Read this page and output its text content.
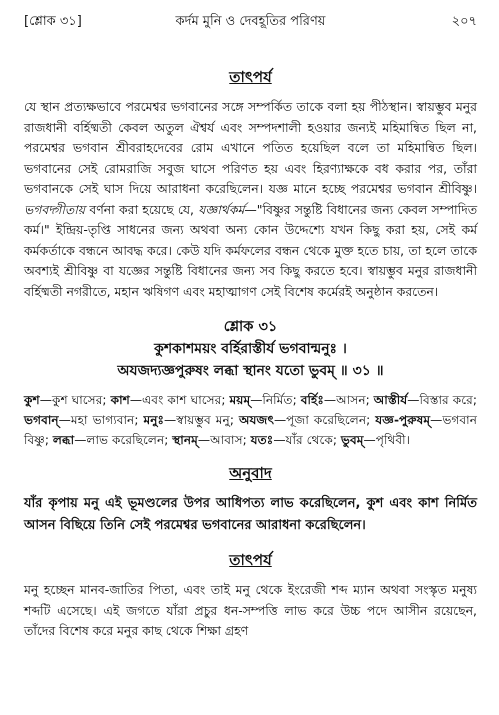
[শ্লোক ৩১]	কর্দম মুনি ও দেবহূতির পরিণয়	২০৭

তাৎপর্য

যে স্থান প্রত্যক্ষভাবে পরমেশ্বর ভগবানের সঙ্গে সম্পর্কিত তাকে বলা হয় পীঠস্থান। স্বায়ম্ভুব মনুর রাজধানী বর্হিষ্মতী কেবল অতুল ঐশ্বর্য এবং সম্পদশালী হওয়ার জন্যই মহিমান্বিত ছিল না, পরমেশ্বর ভগবান শ্রীবরাহদেবের রোম এখানে পতিত হয়েছিল বলে তা মহিমান্বিত ছিল। ভগবানের সেই রোমরাজি সবুজ ঘাসে পরিণত হয় এবং হিরণ্যাক্ষকে বধ করার পর, তাঁরা ভগবানকে সেই ঘাস দিয়ে আরাধনা করেছিলেন। যজ্ঞ মানে হচ্ছে পরমেশ্বর ভগবান শ্রীবিষ্ণু। ভগবদ্গীতায় বর্ণনা করা হয়েছে যে, যজ্ঞার্থকর্ম—"বিষ্ণুর সন্তুষ্টি বিধানের জন্য কেবল সম্পাদিত কর্ম।" ইন্দ্রিয়-তৃপ্তি সাধনের জন্য অথবা অন্য কোন উদ্দেশ্যে যখন কিছু করা হয়, সেই কর্ম কর্মকর্তাকে বন্ধনে আবদ্ধ করে। কেউ যদি কর্মফলের বন্ধন থেকে মুক্ত হতে চায়, তা হলে তাকে অবশ্যই শ্রীবিষ্ণু বা যজ্ঞের সন্তুষ্টি বিধানের জন্য সব কিছু করতে হবে। স্বায়ম্ভুব মনুর রাজধানী বর্হিষ্মতী নগরীতে, মহান ঋষিগণ এবং মহাত্মাগণ সেই বিশেষ কর্মেরই অনুষ্ঠান করতেন।

শ্লোক ৩১

কুশকাশময়ং বর্হিরাস্তীর্য ভগবান্মনুঃ ।

অযজদ্যজ্ঞপুরুষং লব্ধা স্থানং যতো ভুবম্ ॥ ৩১ ॥

কুশ—কুশ ঘাসের; কাশ—এবং কাশ ঘাসের; ময়ম্—নির্মিত; বর্হিঃ—আসন; আস্তীর্য—বিস্তার করে; ভগবান্—মহা ভাগ্যবান; মনুঃ—স্বায়ম্ভুব মনু; অযজৎ—পূজা করেছিলেন; যজ্ঞ-পুরুষম্—ভগবান বিষ্ণু; লব্ধা—লাভ করেছিলেন; স্থানম্—আবাস; যতঃ—যাঁর থেকে; ভুবম্—পৃথিবী।

অনুবাদ

যাঁর কৃপায় মনু এই ভূমণ্ডলের উপর আধিপত্য লাভ করেছিলেন, কুশ এবং কাশ নির্মিত আসন বিছিয়ে তিনি সেই পরমেশ্বর ভগবানের আরাধনা করেছিলেন।

তাৎপর্য

মনু হচ্ছেন মানব-জাতির পিতা, এবং তাই মনু থেকে ইংরেজী শব্দ ম্যান অথবা সংস্কৃত মনুষ্য শব্দটি এসেছে। এই জগতে যাঁরা প্রচুর ধন-সম্পত্তি লাভ করে উচ্চ পদে আসীন রয়েছেন, তাঁদের বিশেষ করে মনুর কাছ থেকে শিক্ষা গ্রহণ
